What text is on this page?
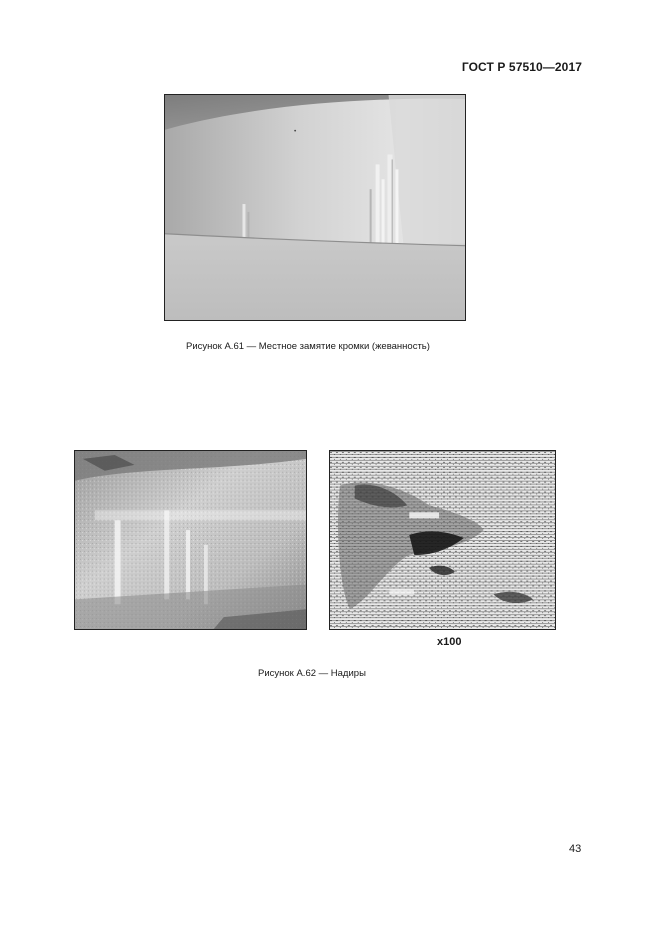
ГОСТ Р 57510—2017
Рисунок А.61 — Местное замятие кромки (жеванность)
x100
Рисунок А.62 — Надиры
43
